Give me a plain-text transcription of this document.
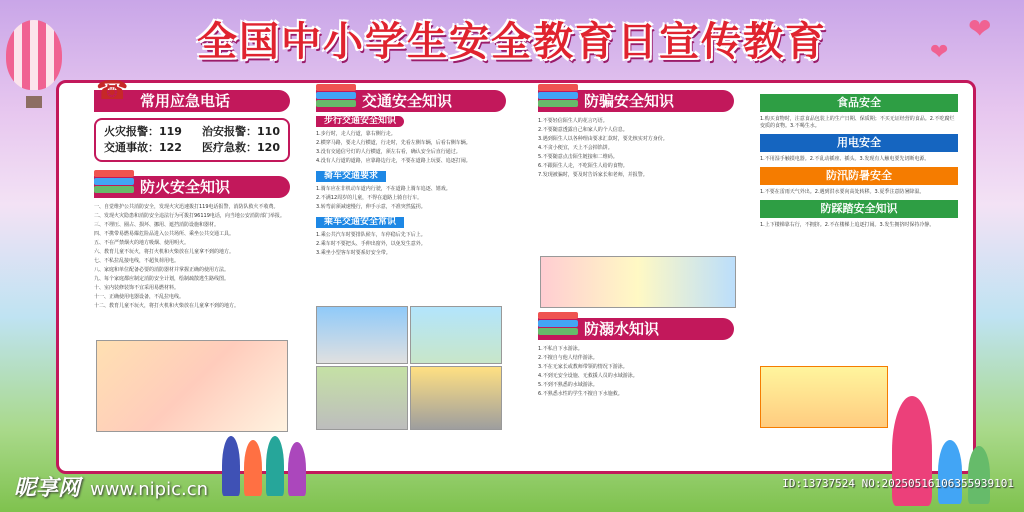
❤
❤
全国中小学生安全教育日宣传教育
☎ 常用应急电话
火灾报警：119 治安报警：110
交通事故：122 医疗急救：120
防火安全知识
一、自觉维护公共消防安全，发现火灾迅速拨打119电话报警，消防队救火不收费。
二、发现火灾隐患和消防安全违法行为可拨打96119电话，向当地公安消防部门举报。
三、不埋压、圈占、损坏、挪用、遮挡消防设施和器材。
四、不携带易燃易爆危险品进入公共场所、乘坐公共交通工具。
五、不在严禁烟火的地方吸烟、使用明火。
六、教育儿童不玩火，将打火机和火柴放在儿童拿不到的地方。
七、不私拉乱接电线，不超负荷用电。
八、家庭和单位配备必要的消防器材并掌握正确的使用方法。
九、每个家庭都应制定消防安全计划，绘制疏散逃生路线图。
十、室内装修装饰不宜采用易燃材料。
十一、正确使用电器设备，不乱拉电线。
十二、教育儿童不玩火，将打火机和火柴放在儿童拿不到的地方。
交通安全知识
步行交通安全知识
1.步行时，走人行道，靠右侧行走。
2.横穿马路，要走人行横道，行走时，先看左侧车辆，后看右侧车辆。
3.没有交通信号灯的人行横道，须左右看，确认安全后直行通过。
4.没有人行道的道路，应靠路边行走，不要在道路上玩耍、追逐打闹。
骑车交通要求
1.骑车应在非机动车道内行驶，不在道路上骑车追逐、嬉戏。
2.不满12周岁的儿童，不得在道路上骑自行车。
3.转弯前须减速慢行，伸手示意，不准突然猛拐。
乘车交通安全常识
1.乘公共汽车时要排队候车，车停稳后先下后上。
2.乘车时不要把头、手伸出窗外，以免发生意外。
3.乘坐小型客车时要系好安全带。
防骗安全知识
1.不要轻信陌生人的花言巧语。
2.不要随意透露自己和家人的个人信息。
3.遇到陌生人以各种理由要求汇款时，要先核实对方身份。
4.不贪小便宜，天上不会掉馅饼。
5.不要随意点击陌生链接和二维码。
6.不跟陌生人走，不吃陌生人给的食物。
7.发现被骗时，要及时告诉家长和老师，并报警。
防溺水知识
1.不私自下水游泳。
2.不擅自与他人结伴游泳。
3.不在无家长或教师带领的情况下游泳。
4.不到无安全设施、无救援人员的水域游泳。
5.不到不熟悉的水域游泳。
6.不熟悉水性的学生不擅自下水施救。
食品安全
1.购买食物时，注意食品包装上的生产日期、保质期；不买无证经营的食品。2.不吃腐烂变质的食物。3.不喝生水。
用电安全
1.不用湿手触摸电器。2.不乱动插座、插头。3.发现有人触电要先切断电源。
防汛防暑安全
1.不要在雷雨天气外出。2.遇到洪水要向高处转移。3.夏季注意防暑降温。
防踩踏安全知识
1.上下楼梯靠右行，不拥挤。2.不在楼梯上追逐打闹。3.发生拥挤时保持冷静。
昵享网 www.nipic.cn	ID:13737524 NO:20250516106355939101
